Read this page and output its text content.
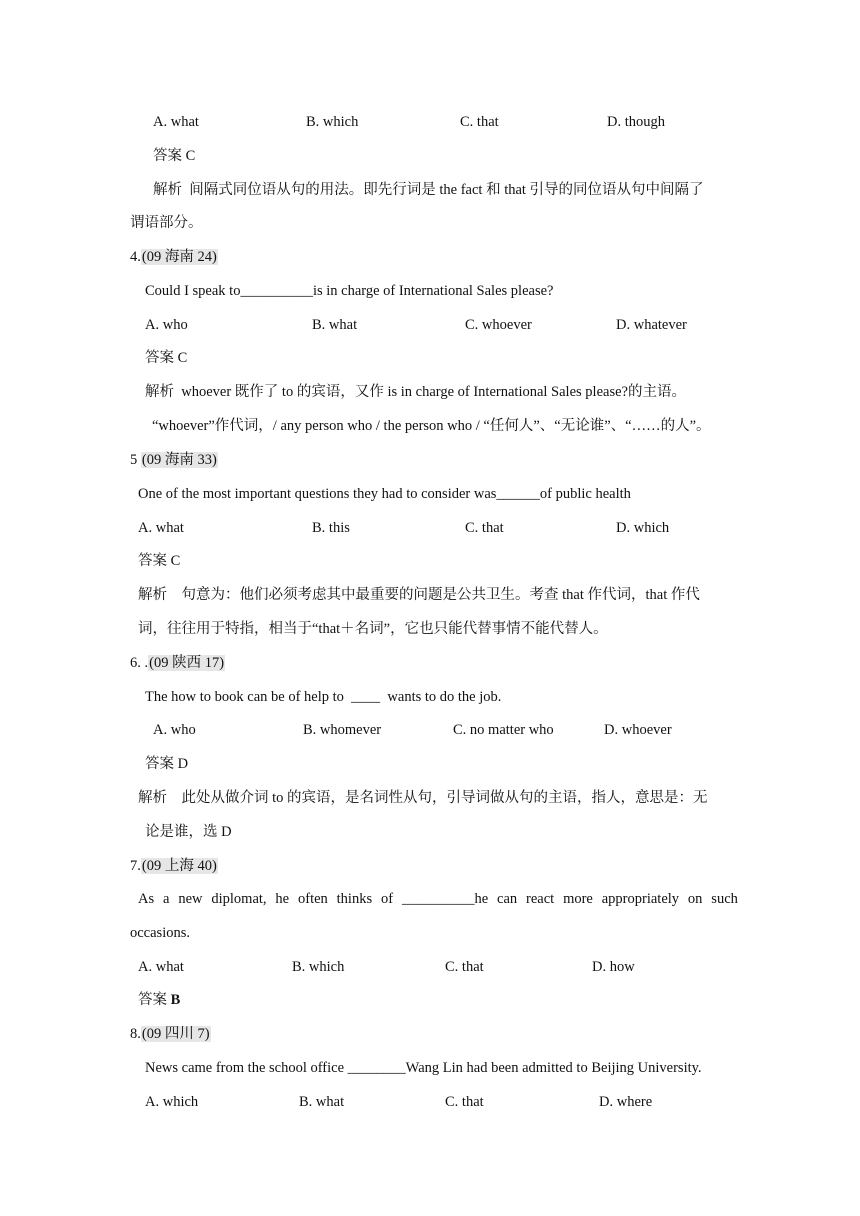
A. what	B. which	C. that	D. though
答案 C
解析 间隔式同位语从句的用法。即先行词是 the fact 和 that 引导的同位语从句中间隔了
谓语部分。
4.(09 海南 24)
Could I speak to__________is in charge of International Sales please?
A. who	B. what	C. whoever	D. whatever
答案 C
解析 whoever 既作了 to 的宾语，又作 is in charge of International Sales please?的主语。
“whoever”作代词，/ any person who / the person who / “任何人”、“无论谁”、“……的人”。
5 (09 海南 33)
One of the most important questions they had to consider was______of public health
A. what	B. this	C. that	D. which
答案 C
解析 句意为：他们必须考虑其中最重要的问题是公共卫生。考查 that 作代词，that 作代
词，往往用于特指，相当于“that＋名词”，它也只能代替事情不能代替人。
6. .(09 陕西 17)
The how to book can be of help to  ____  wants to do the job.
A. who	B. whomever	C. no matter who	D. whoever
答案 D
解析 此处从做介词 to 的宾语，是名词性从句，引导词做从句的主语，指人，意思是：无
论是谁，选 D
7.(09 上海 40)
As a new diplomat, he often thinks of __________he can react more appropriately on such
occasions.
A. what	B. which	C. that	D. how
答案 B
8.(09 四川 7)
News came from the school office ________Wang Lin had been admitted to Beijing University.
A. which	B. what	C. that	D. where
